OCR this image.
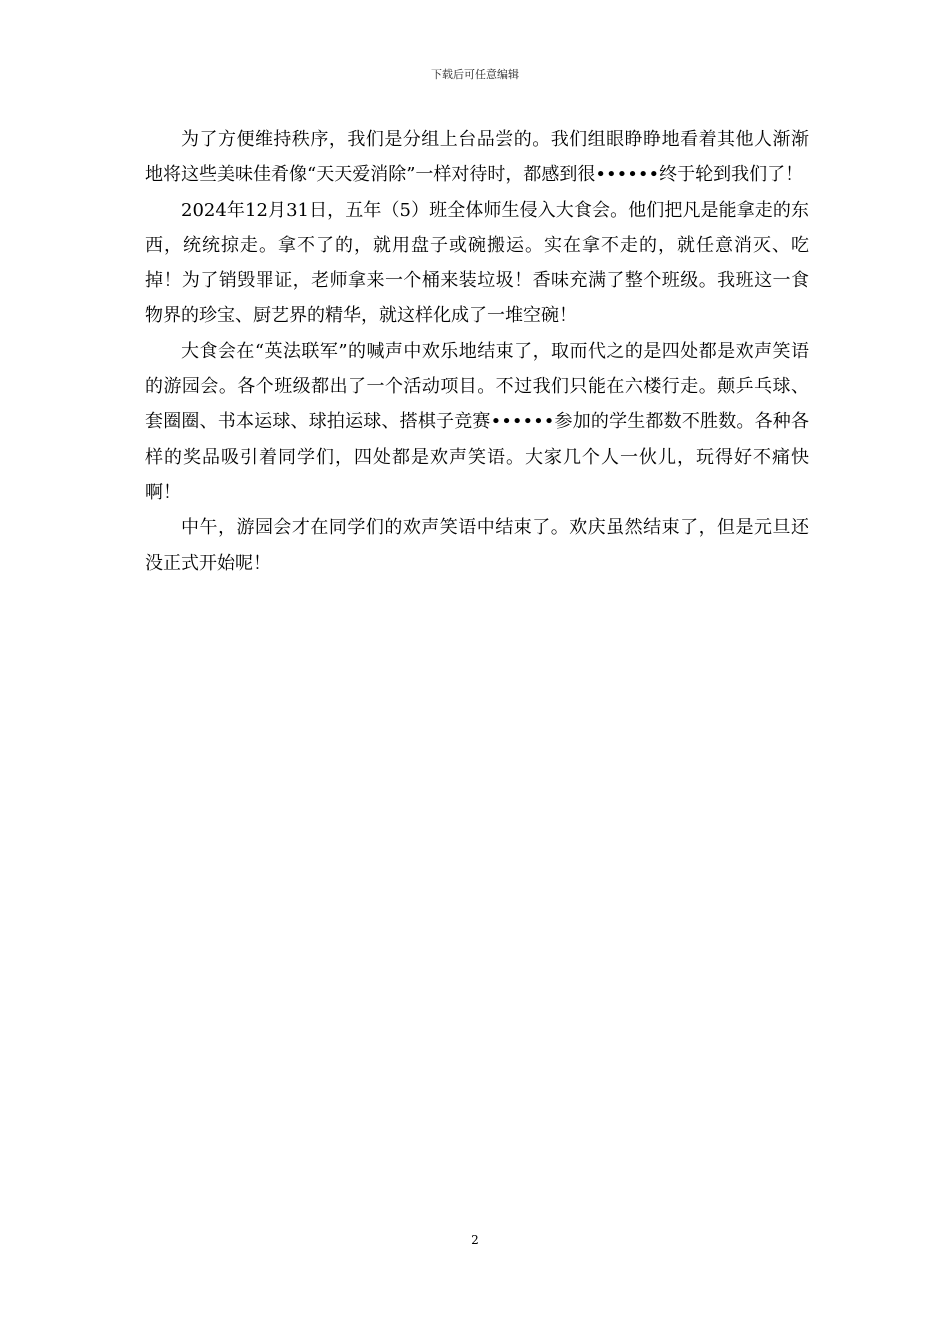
下载后可任意编辑

为了方便维持秩序，我们是分组上台品尝的。我们组眼睁睁地看着其他人渐渐地将这些美味佳肴像“天天爱消除”一样对待时，都感到很••••••终于轮到我们了！

2024年12月31日，五年（5）班全体师生侵入大食会。他们把凡是能拿走的东西，统统掠走。拿不了的，就用盘子或碗搬运。实在拿不走的，就任意消灭、吃掉！为了销毁罪证，老师拿来一个桶来装垃圾！香味充满了整个班级。我班这一食物界的珍宝、厨艺界的精华，就这样化成了一堆空碗！

大食会在“英法联军”的喊声中欢乐地结束了，取而代之的是四处都是欢声笑语的游园会。各个班级都出了一个活动项目。不过我们只能在六楼行走。颠乒乓球、套圈圈、书本运球、球拍运球、搭棋子竞赛••••••参加的学生都数不胜数。各种各样的奖品吸引着同学们，四处都是欢声笑语。大家几个人一伙儿，玩得好不痛快啊！

中午，游园会才在同学们的欢声笑语中结束了。欢庆虽然结束了，但是元旦还没正式开始呢！

2
